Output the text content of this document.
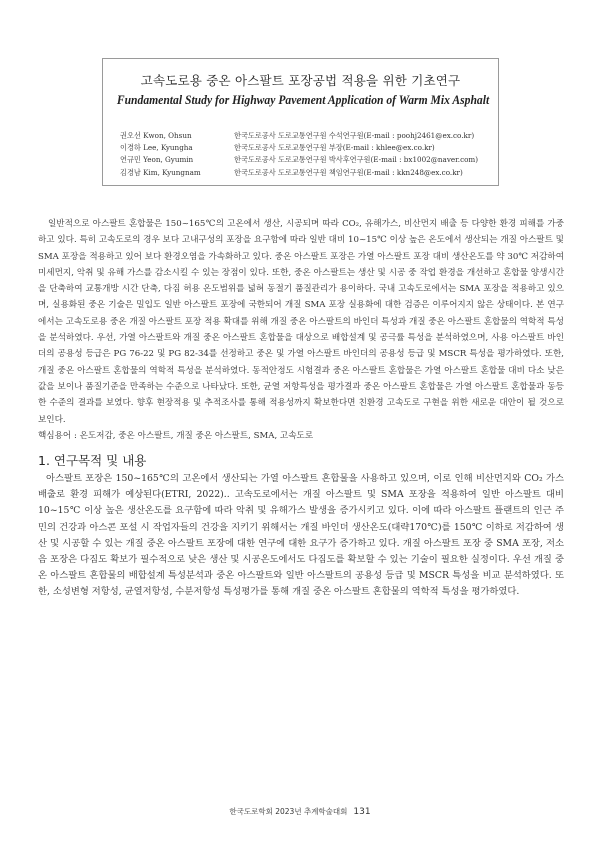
고속도로용 중온 아스팔트 포장공법 적용을 위한 기초연구
Fundamental Study for Highway Pavement Application of Warm Mix Asphalt
권오선 Kwon, Ohsun	한국도로공사 도로교통연구원 수석연구원(E-mail : poohj2461@ex.co.kr)
이경하 Lee, Kyungha	한국도로공사 도로교통연구원 부장(E-mail : khlee@ex.co.kr)
연규민 Yeon, Gyumin	한국도로공사 도로교통연구원 박사후연구원(E-mail : bx1002@naver.com)
김경남 Kim, Kyungnam	한국도로공사 도로교통연구원 책임연구원(E-mail : kkn248@ex.co.kr)

일반적으로 아스팔트 혼합물은 150~165℃의 고온에서 생산, 시공되며 따라 CO₂, 유해가스, 비산먼지 배출 등 다양한 환경 피해를 가중하고 있다. 특히 고속도로의 경우 보다 고내구성의 포장을 요구함에 따라 일반 대비 10~15℃ 이상 높은 온도에서 생산되는 개질 아스팔트 및 SMA 포장을 적용하고 있어 보다 환경오염을 가속화하고 있다. 중온 아스팔트 포장은 가열 아스팔트 포장 대비 생산온도를 약 30℃ 저감하여 미세먼지, 악취 및 유해 가스를 감소시킬 수 있는 장점이 있다. 또한, 중온 아스팔트는 생산 및 시공 중 작업 환경을 개선하고 혼합물 양생시간을 단축하여 교통개방 시간 단축, 다짐 허용 온도범위를 넓혀 동절기 품질관리가 용이하다. 국내 고속도로에서는 SMA 포장을 적용하고 있으며, 실용화된 중온 기술은 밀입도 일반 아스팔트 포장에 국한되어 개질 SMA 포장 실용화에 대한 검증은 이루어지지 않은 상태이다. 본 연구에서는 고속도로용 중온 개질 아스팔트 포장 적용 확대를 위해 개질 중온 아스팔트의 바인더 특성과 개질 중온 아스팔트 혼합물의 역학적 특성을 분석하였다. 우선, 가열 아스팔트와 개질 중온 아스팔트 혼합물을 대상으로 배합설계 및 공극률 특성을 분석하였으며, 사용 아스팔트 바인더의 공용성 등급은 PG 76-22 및 PG 82-34를 선정하고 중온 및 가열 아스팔트 바인더의 공용성 등급 및 MSCR 특성을 평가하였다. 또한, 개질 중온 아스팔트 혼합물의 역학적 특성을 분석하였다. 동적안정도 시험결과 중온 아스팔트 혼합물은 가열 아스팔트 혼합물 대비 다소 낮은 값을 보이나 품질기준을 만족하는 수준으로 나타났다. 또한, 균열 저항특성을 평가결과 중온 아스팔트 혼합물은 가열 아스팔트 혼합물과 동등한 수준의 결과를 보였다. 향후 현장적용 및 추적조사를 통해 적용성까지 확보한다면 친환경 고속도로 구현을 위한 새로운 대안이 될 것으로 보인다.

핵심용어 : 온도저감, 중온 아스팔트, 개질 중온 아스팔트, SMA, 고속도로

1. 연구목적 및 내용

아스팔트 포장은 150~165℃의 고온에서 생산되는 가열 아스팔트 혼합물을 사용하고 있으며, 이로 인해 비산먼지와 CO₂ 가스 배출로 환경 피해가 예상된다(ETRI, 2022).. 고속도로에서는 개질 아스팔트 및 SMA 포장을 적용하여 일반 아스팔트 대비 10~15℃ 이상 높은 생산온도를 요구함에 따라 악취 및 유해가스 발생을 증가시키고 있다. 이에 따라 아스팔트 플랜트의 인근 주민의 건강과 아스콘 포설 시 작업자들의 건강을 지키기 위해서는 개질 바인더 생산온도(대략170℃)를 150℃ 이하로 저감하여 생산 및 시공할 수 있는 개질 중온 아스팔트 포장에 대한 연구에 대한 요구가 증가하고 있다. 개질 아스팔트 포장 중 SMA 포장, 저소음 포장은 다짐도 확보가 필수적으로 낮은 생산 및 시공온도에서도 다짐도를 확보할 수 있는 기술이 필요한 실정이다. 우선 개질 중온 아스팔트 혼합물의 배합설계 특성분석과 중온 아스팔트와 일반 아스팔트의 공용성 등급 및 MSCR 특성을 비교 분석하였다. 또한, 소성변형 저항성, 균열저항성, 수분저항성 특성평가를 통해 개질 중온 아스팔트 혼합물의 역학적 특성을 평가하였다.

한국도로학회 2023년 추계학술대회 131
